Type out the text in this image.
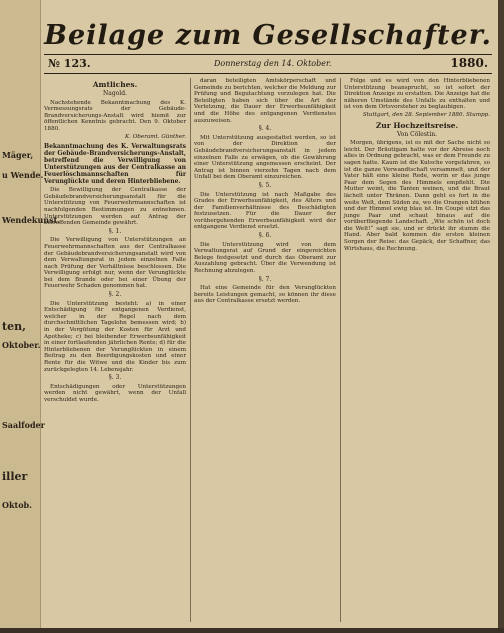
Mäger,
u Wende.
Wendekunst.
ten,
Oktober.
iller
Oktob.
Saalfoder
Beilage zum Gesellschafter.
№ 123.	Donnerstag den 14. Oktober.	1880.
Amtliches.
Nagold.

Nachstehende Bekanntmachung des K. Vermessungsrats der Gebäude-Brandversicherungs-Anstalt wird hiemit zur öffentlichen Kenntnis gebracht. Den 9. Oktober 1880.

K. Oberamt. Günther.
Bekanntmachung des K. Verwaltungsrats der Gebäude-Brandversicherungs-Anstalt, betreffend die Verwilligung von Unterstützungen aus der Centralkasse an Feuerlöschmannschaften für Verunglückte und deren Hinterbliebene.

Die Bewilligung der Centralkasse der Gebäudebrandversicherungsanstalt für die Unterstützung von Feuerwehrmannschaften ist nachfolgenden Bestimmungen zu entnehmen. Unterstützungen werden auf Antrag der betreffenden Gemeinde gewährt.

§. 1.

Die Verwilligung von Unterstützungen an Feuerwehrmannschaften aus der Centralkasse der Gebäudebrandversicherungsanstalt wird von dem Verwaltungsrat in jedem einzelnen Falle nach Prüfung der Verhältnisse beschlossen. Die Verwilligung erfolgt nur, wenn der Verunglückte bei dem Brande oder bei einer Übung der Feuerwehr Schaden genommen hat.

§. 2.

Die Unterstützung besteht: a) in einer Entschädigung für entgangenen Verdienst, welcher in der Regel nach dem durchschnittlichen Tagelohn bemessen wird; b) in der Vergütung der Kosten für Arzt und Apotheke; c) bei bleibender Erwerbsunfähigkeit in einer fortlaufenden jährlichen Rente; d) für die Hinterbliebenen der Verunglückten in einem Beitrag zu den Beerdigungskosten und einer Rente für die Witwe und die Kinder bis zum zurückgelegten 14. Lebensjahr.

§. 3.

Entschädigungen oder Unterstützungen werden nicht gewährt, wenn der Unfall verschuldet wurde.

daran beteiligten Amtskörperschaft und Gemeinde zu berichten, welcher die Meldung zur Prüfung und Begutachtung vorzulegen hat. Die Beteiligten haben sich über die Art der Verletzung, die Dauer der Erwerbsunfähigkeit und die Höhe des entgangenen Verdienstes auszuweisen.

§. 4.

Mit Unterstützung ausgestattet werden, so ist von der Direktion der Gebäudebrandversicherungsanstalt in jedem einzelnen Falle zu erwägen, ob die Gewährung einer Unterstützung angemessen erscheint. Der Antrag ist binnen vierzehn Tagen nach dem Unfall bei dem Oberamt einzureichen.

§. 5.

Die Unterstützung ist nach Maßgabe des Grades der Erwerbsunfähigkeit, des Alters und der Familienverhältnisse des Beschädigten festzusetzen. Für die Dauer der vorübergehenden Erwerbsunfähigkeit wird der entgangene Verdienst ersetzt.

§. 6.

Die Unterstützung wird von dem Verwaltungsrat auf Grund der eingereichten Belege festgesetzt und durch das Oberamt zur Auszahlung gebracht. Über die Verwendung ist Rechnung abzulegen.

§. 7.

Hat eine Gemeinde für den Verunglückten bereits Leistungen gemacht, so können ihr diese aus der Centralkasse ersetzt werden.

Folge und es wird von den Hinterbliebenen Unterstützung beansprucht, so ist sofort der Direktion Anzeige zu erstatten. Die Anzeige hat die näheren Umstände des Unfalls zu enthalten und ist von dem Ortsvorsteher zu beglaubigen.

Stuttgart, den 28. September 1880. Stumpp.
Zur Hochzeitsreise.
Von Cölestin.

Morgen, übrigens, ist es mit der Sache nicht so leicht. Der Bräutigam hatte vor der Abreise noch alles in Ordnung gebracht, was er dem Freunde zu sagen hatte. Kaum ist die Kutsche vorgefahren, so ist die ganze Verwandtschaft versammelt, und der Vater hält eine kleine Rede, worin er das junge Paar dem Segen des Himmels empfiehlt. Die Mutter weint, die Tanten weinen, und die Braut lächelt unter Thränen. Dann geht es fort in die weite Welt, dem Süden zu, wo die Orangen blühen und der Himmel ewig blau ist. Im Coupé sitzt das junge Paar und schaut hinaus auf die vorüberfliegende Landschaft. „Wie schön ist doch die Welt!“ sagt sie, und er drückt ihr stumm die Hand. Aber bald kommen die ersten kleinen Sorgen der Reise: das Gepäck, der Schaffner, das Wirtshaus, die Rechnung.
